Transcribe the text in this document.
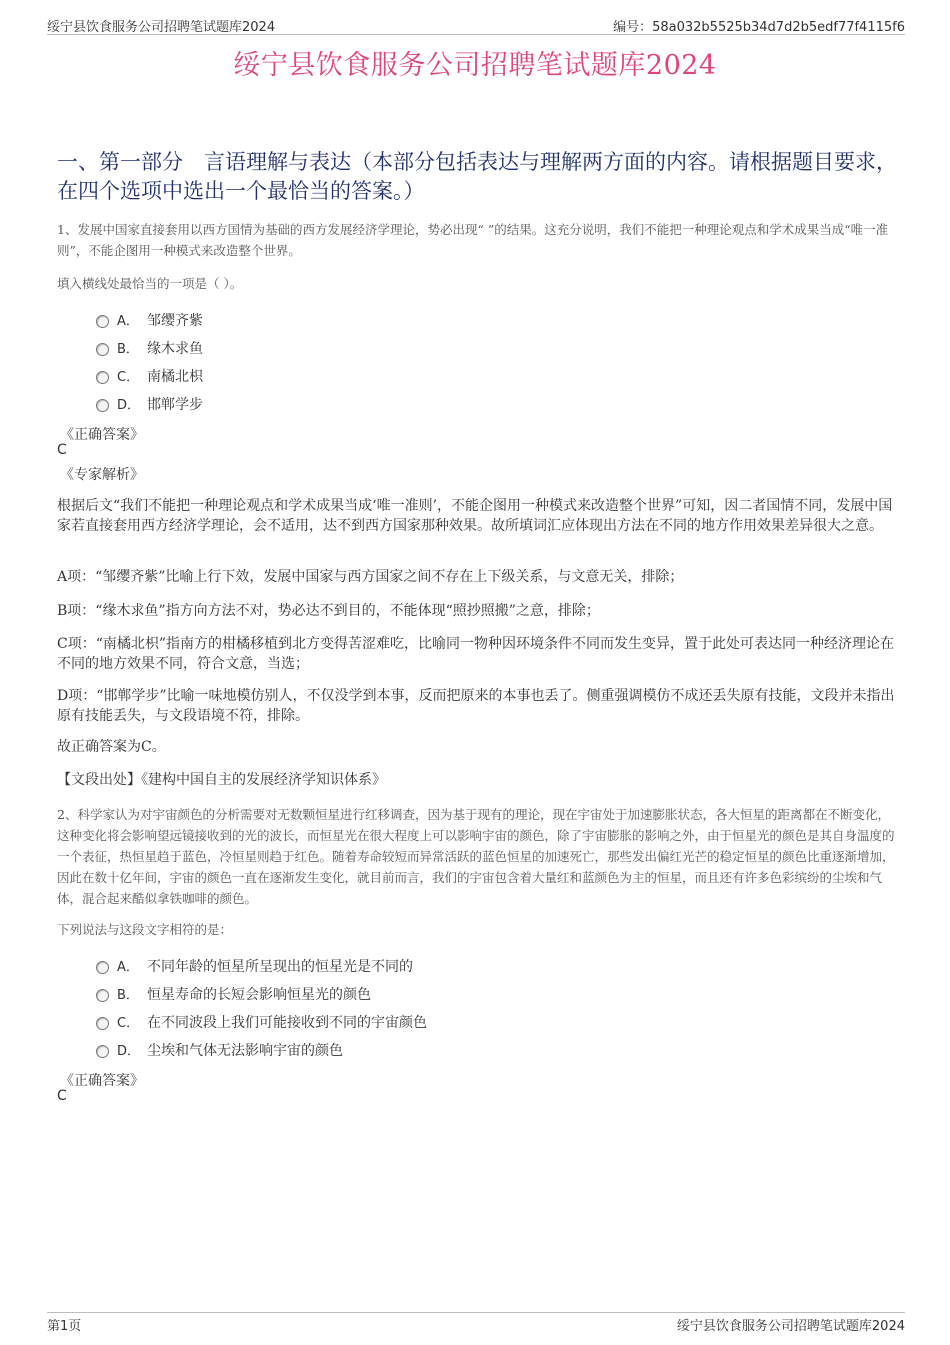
绥宁县饮食服务公司招聘笔试题库2024	编号：58a032b5525b34d7d2b5edf77f4115f6
绥宁县饮食服务公司招聘笔试题库2024
一、第一部分　言语理解与表达（本部分包括表达与理解两方面的内容。请根据题目要求，在四个选项中选出一个最恰当的答案。）
1、发展中国家直接套用以西方国情为基础的西方发展经济学理论，势必出现“ ”的结果。这充分说明，我们不能把一种理论观点和学术成果当成“唯一准则”，不能企图用一种模式来改造整个世界。
填入横线处最恰当的一项是（ ）。
A． 邹缨齐紫
B． 缘木求鱼
C． 南橘北枳
D． 邯郸学步
《正确答案》
C
《专家解析》
根据后文“我们不能把一种理论观点和学术成果当成‘唯一准则’，不能企图用一种模式来改造整个世界”可知，因二者国情不同，发展中国家若直接套用西方经济学理论，会不适用，达不到西方国家那种效果。故所填词汇应体现出方法在不同的地方作用效果差异很大之意。
A项：“邹缨齐紫”比喻上行下效，发展中国家与西方国家之间不存在上下级关系，与文意无关，排除；
B项：“缘木求鱼”指方向方法不对，势必达不到目的，不能体现“照抄照搬”之意，排除；
C项：“南橘北枳”指南方的柑橘移植到北方变得苦涩难吃，比喻同一物种因环境条件不同而发生变异，置于此处可表达同一种经济理论在不同的地方效果不同，符合文意，当选；
D项：“邯郸学步”比喻一味地模仿别人，不仅没学到本事，反而把原来的本事也丢了。侧重强调模仿不成还丢失原有技能，文段并未指出原有技能丢失，与文段语境不符，排除。
故正确答案为C。
【文段出处】《建构中国自主的发展经济学知识体系》
2、科学家认为对宇宙颜色的分析需要对无数颗恒星进行红移调查，因为基于现有的理论，现在宇宙处于加速膨胀状态，各大恒星的距离都在不断变化，这种变化将会影响望远镜接收到的光的波长，而恒星光在很大程度上可以影响宇宙的颜色，除了宇宙膨胀的影响之外，由于恒星光的颜色是其自身温度的一个表征，热恒星趋于蓝色，冷恒星则趋于红色。随着寿命较短而异常活跃的蓝色恒星的加速死亡，那些发出偏红光芒的稳定恒星的颜色比重逐渐增加，因此在数十亿年间，宇宙的颜色一直在逐渐发生变化，就目前而言，我们的宇宙包含着大量红和蓝颜色为主的恒星，而且还有许多色彩缤纷的尘埃和气体，混合起来酷似拿铁咖啡的颜色。
下列说法与这段文字相符的是：
A． 不同年龄的恒星所呈现出的恒星光是不同的
B． 恒星寿命的长短会影响恒星光的颜色
C． 在不同波段上我们可能接收到不同的宇宙颜色
D． 尘埃和气体无法影响宇宙的颜色
《正确答案》
C
第1页	绥宁县饮食服务公司招聘笔试题库2024
